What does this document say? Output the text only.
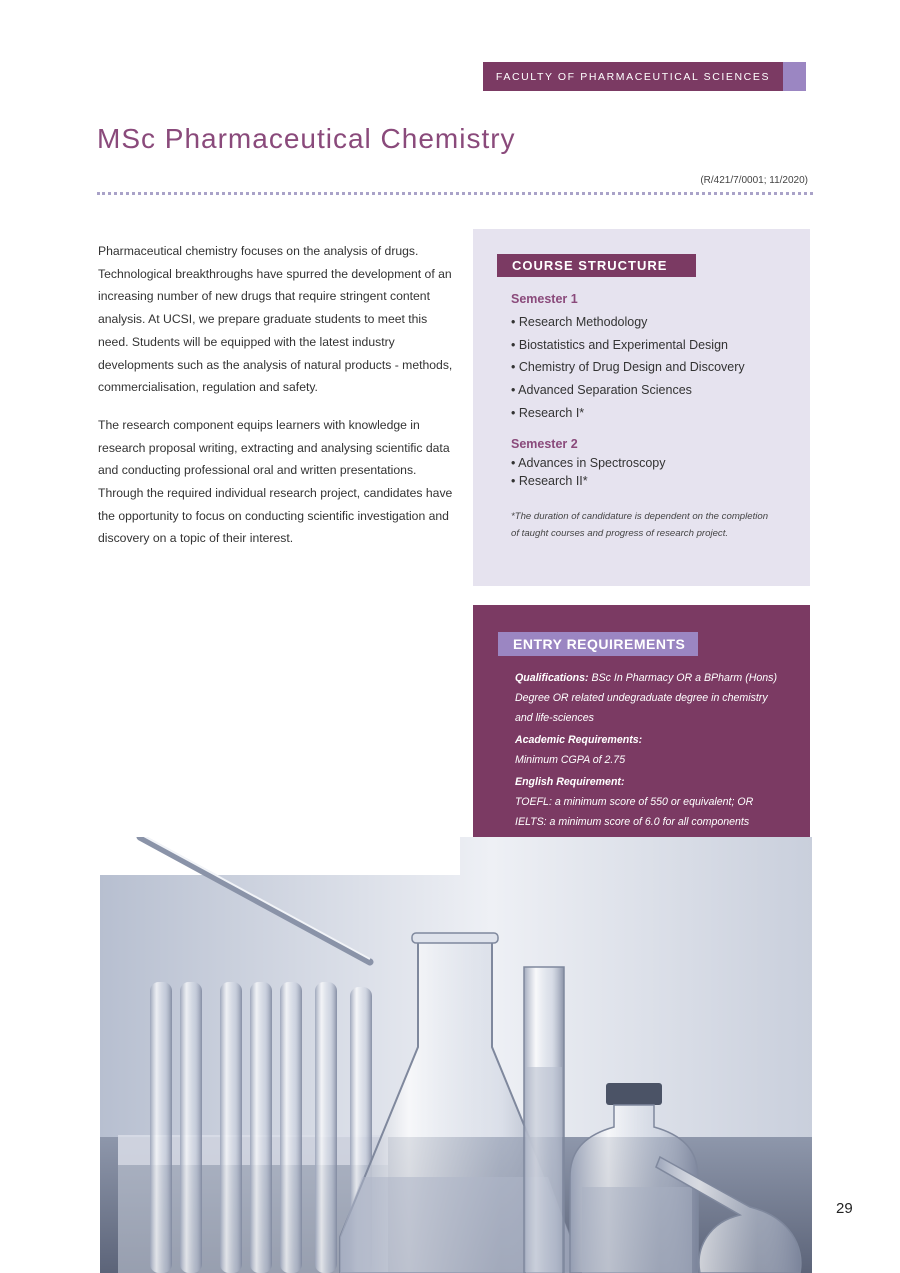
FACULTY OF PHARMACEUTICAL SCIENCES
MSc Pharmaceutical Chemistry
(R/421/7/0001; 11/2020)

Pharmaceutical chemistry focuses on the analysis of drugs. Technological breakthroughs have spurred the development of an increasing number of new drugs that require stringent content analysis. At UCSI, we prepare graduate students to meet this need. Students will be equipped with the latest industry developments such as the analysis of natural products - methods, commercialisation, regulation and safety.

The research component equips learners with knowledge in research proposal writing, extracting and analysing scientific data and conducting professional oral and written presentations. Through the required individual research project, candidates have the opportunity to focus on conducting scientific investigation and discovery on a topic of their interest.

COURSE STRUCTURE
Semester 1
• Research Methodology
• Biostatistics and Experimental Design
• Chemistry of Drug Design and Discovery
• Advanced Separation Sciences
• Research I*
Semester 2
• Advances in Spectroscopy
• Research II*
*The duration of candidature is dependent on the completion of taught courses and progress of research project.
ENTRY REQUIREMENTS

Qualifications: BSc In Pharmacy OR a BPharm (Hons) Degree OR related undegraduate degree in chemistry and life-sciences

Academic Requirements:
Minimum CGPA of 2.75

English Requirement:
TOEFL: a minimum score of 550 or equivalent; OR
IELTS: a minimum score of 6.0 for all components

29
